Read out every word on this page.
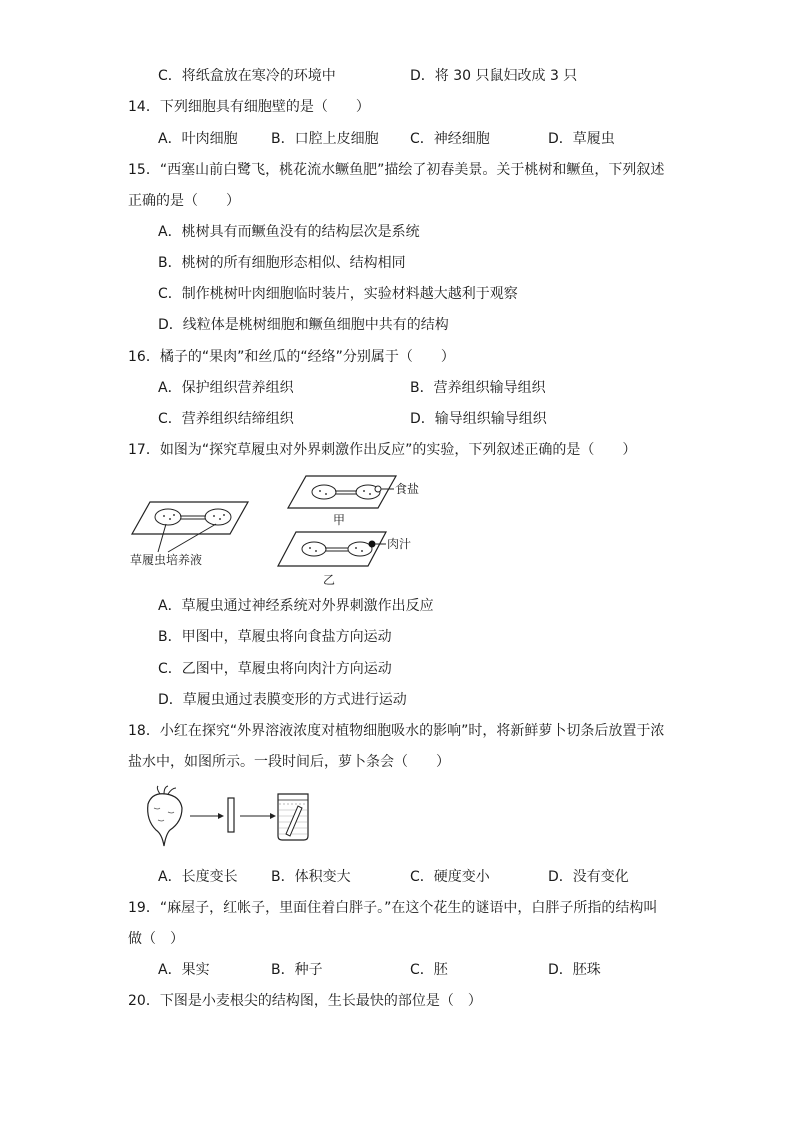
C．将纸盒放在寒冷的环境中	D．将 30 只鼠妇改成 3 只
14．下列细胞具有细胞壁的是（　　）
A．叶肉细胞 B．口腔上皮细胞 C．神经细胞	D．草履虫
15．“西塞山前白鹭飞，桃花流水鳜鱼肥”描绘了初春美景。关于桃树和鳜鱼，下列叙述
正确的是（　　）
A．桃树具有而鳜鱼没有的结构层次是系统
B．桃树的所有细胞形态相似、结构相同
C．制作桃树叶肉细胞临时装片，实验材料越大越利于观察
D．线粒体是桃树细胞和鳜鱼细胞中共有的结构
16．橘子的“果肉”和丝瓜的“经络”分别属于（　　）
A．保护组织营养组织	B．营养组织输导组织
C．营养组织结缔组织	D．输导组织输导组织
17．如图为“探究草履虫对外界刺激作出反应”的实验，下列叙述正确的是（　　）
草履虫培养液
食盐
甲
肉汁
乙
A．草履虫通过神经系统对外界刺激作出反应
B．甲图中，草履虫将向食盐方向运动
C．乙图中，草履虫将向肉汁方向运动
D．草履虫通过表膜变形的方式进行运动
18．小红在探究“外界溶液浓度对植物细胞吸水的影响”时，将新鲜萝卜切条后放置于浓
盐水中，如图所示。一段时间后，萝卜条会（　　）
A．长度变长 B．体积变大	C．硬度变小	D．没有变化
19．“麻屋子，红帐子，里面住着白胖子。”在这个花生的谜语中，白胖子所指的结构叫
做（　）
A．果实	B．种子	C．胚	D．胚珠
20．下图是小麦根尖的结构图，生长最快的部位是（　）
